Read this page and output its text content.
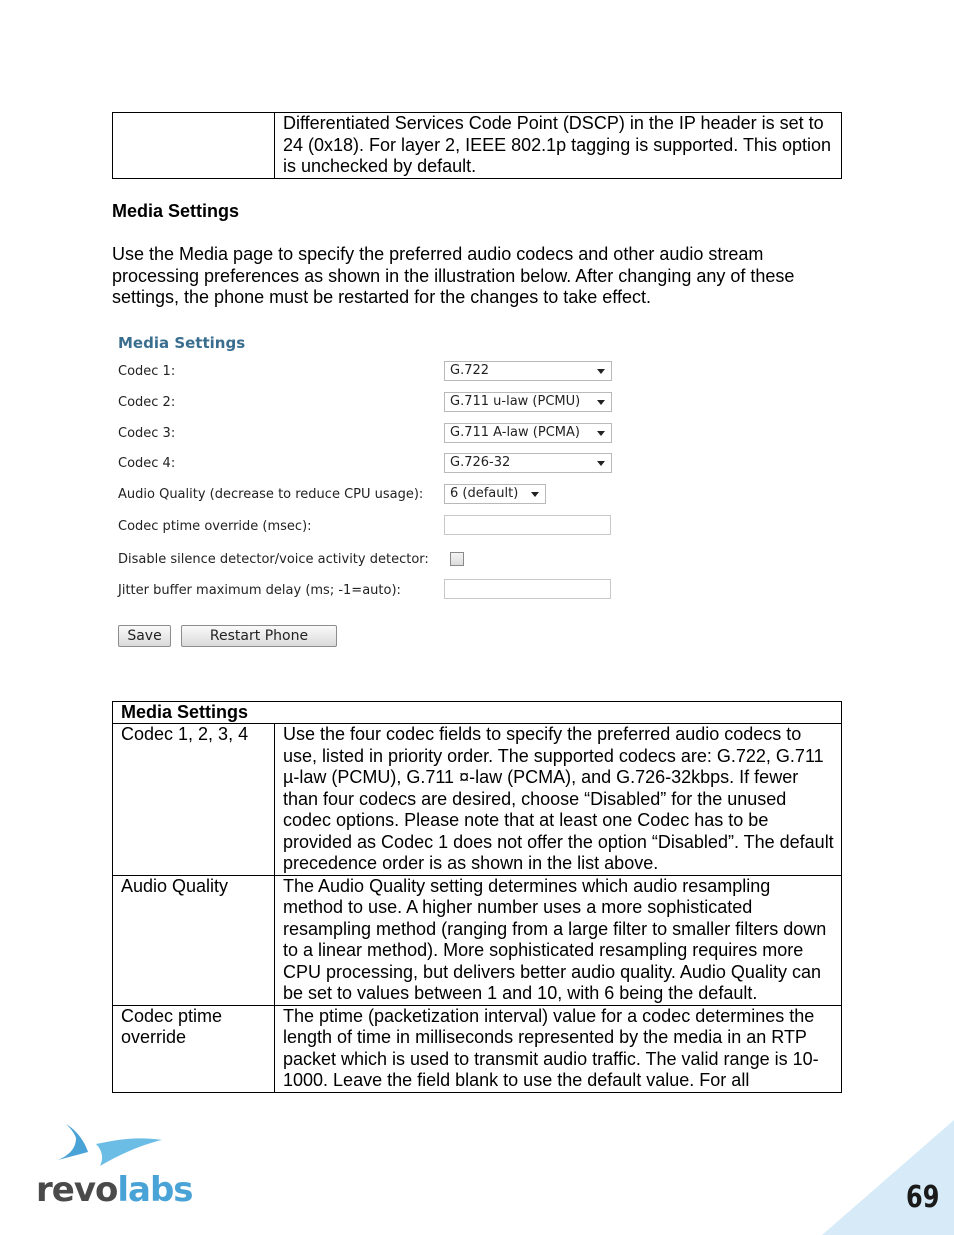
	Differentiated Services Code Point (DSCP) in the IP header is set to 24 (0x18). For layer 2, IEEE 802.1p tagging is supported. This option is unchecked by default.
Media Settings
Use the Media page to specify the preferred audio codecs and other audio stream processing preferences as shown in the illustration below. After changing any of these settings, the phone must be restarted for the changes to take effect.
Media Settings
Codec 1:	G.722
Codec 2:	G.711 u-law (PCMU)
Codec 3:	G.711 A-law (PCMA)
Codec 4:	G.726-32
Audio Quality (decrease to reduce CPU usage):	6 (default)
Codec ptime override (msec):
Disable silence detector/voice activity detector:
Jitter buffer maximum delay (ms; -1=auto):
Save	Restart Phone
Media Settings	
Codec 1, 2, 3, 4	Use the four codec fields to specify the preferred audio codecs to use, listed in priority order. The supported codecs are: G.722, G.711 µ-law (PCMU), G.711 ¤-law (PCMA), and G.726-32kbps. If fewer than four codecs are desired, choose “Disabled” for the unused codec options. Please note that at least one Codec has to be provided as Codec 1 does not offer the option “Disabled”. The default precedence order is as shown in the list above.
Audio Quality	The Audio Quality setting determines which audio resampling method to use. A higher number uses a more sophisticated resampling method (ranging from a large filter to smaller filters down to a linear method). More sophisticated resampling requires more CPU processing, but delivers better audio quality. Audio Quality can be set to values between 1 and 10, with 6 being the default.
Codec ptime override	The ptime (packetization interval) value for a codec determines the length of time in milliseconds represented by the media in an RTP packet which is used to transmit audio traffic. The valid range is 10-1000. Leave the field blank to use the default value. For all
revolabs	69
